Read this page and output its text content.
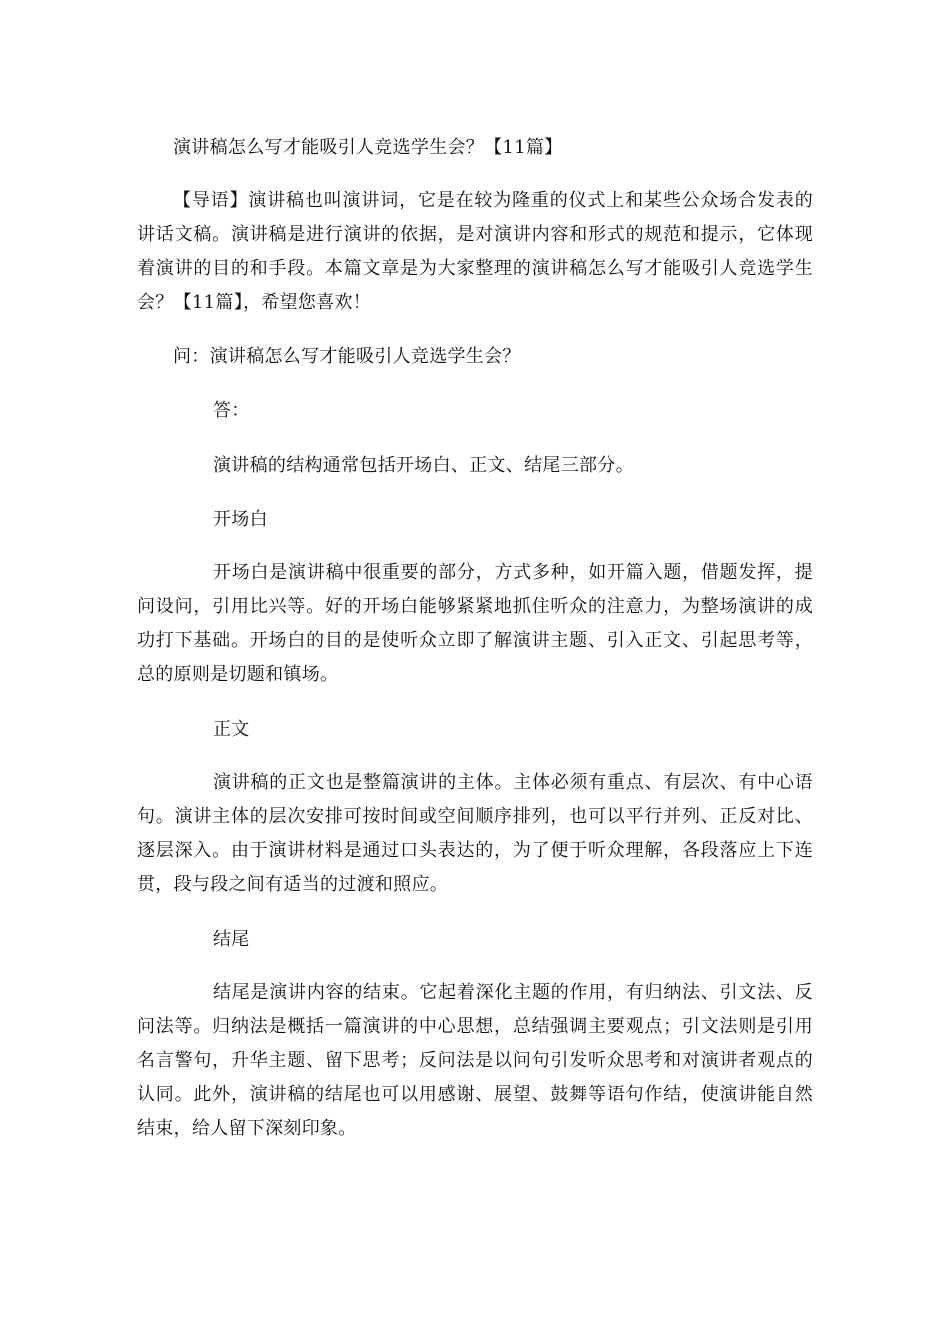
演讲稿怎么写才能吸引人竞选学生会？【11篇】

【导语】演讲稿也叫演讲词，它是在较为隆重的仪式上和某些公众场合发表的讲话文稿。演讲稿是进行演讲的依据，是对演讲内容和形式的规范和提示，它体现着演讲的目的和手段。本篇文章是为大家整理的演讲稿怎么写才能吸引人竞选学生会？【11篇】，希望您喜欢！

问：演讲稿怎么写才能吸引人竞选学生会？

答：

演讲稿的结构通常包括开场白、正文、结尾三部分。

开场白

开场白是演讲稿中很重要的部分，方式多种，如开篇入题，借题发挥，提问设问，引用比兴等。好的开场白能够紧紧地抓住听众的注意力，为整场演讲的成功打下基础。开场白的目的是使听众立即了解演讲主题、引入正文、引起思考等，总的原则是切题和镇场。

正文

演讲稿的正文也是整篇演讲的主体。主体必须有重点、有层次、有中心语句。演讲主体的层次安排可按时间或空间顺序排列，也可以平行并列、正反对比、逐层深入。由于演讲材料是通过口头表达的，为了便于听众理解，各段落应上下连贯，段与段之间有适当的过渡和照应。

结尾

结尾是演讲内容的结束。它起着深化主题的作用，有归纳法、引文法、反问法等。归纳法是概括一篇演讲的中心思想，总结强调主要观点；引文法则是引用名言警句，升华主题、留下思考；反问法是以问句引发听众思考和对演讲者观点的认同。此外，演讲稿的结尾也可以用感谢、展望、鼓舞等语句作结，使演讲能自然结束，给人留下深刻印象。
